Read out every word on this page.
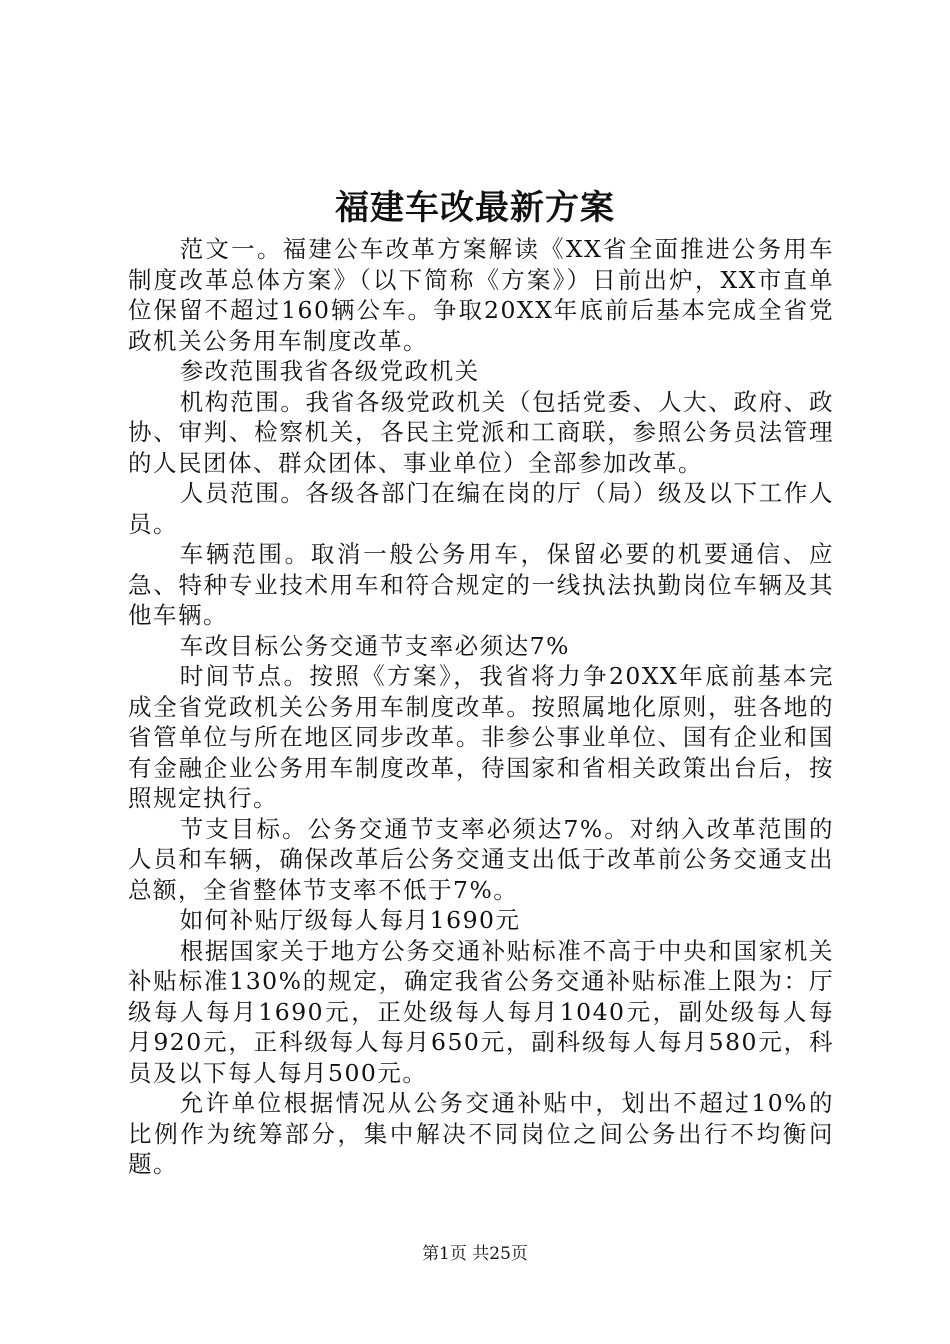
福建车改最新方案

范文一。福建公车改革方案解读《XX省全面推进公务用车制度改革总体方案》（以下简称《方案》）日前出炉，XX市直单位保留不超过160辆公车。争取20XX年底前后基本完成全省党政机关公务用车制度改革。

参改范围我省各级党政机关

机构范围。我省各级党政机关（包括党委、人大、政府、政协、审判、检察机关，各民主党派和工商联，参照公务员法管理的人民团体、群众团体、事业单位）全部参加改革。

人员范围。各级各部门在编在岗的厅（局）级及以下工作人员。

车辆范围。取消一般公务用车，保留必要的机要通信、应急、特种专业技术用车和符合规定的一线执法执勤岗位车辆及其他车辆。

车改目标公务交通节支率必须达7%

时间节点。按照《方案》，我省将力争20XX年底前基本完成全省党政机关公务用车制度改革。按照属地化原则，驻各地的省管单位与所在地区同步改革。非参公事业单位、国有企业和国有金融企业公务用车制度改革，待国家和省相关政策出台后，按照规定执行。

节支目标。公务交通节支率必须达7%。对纳入改革范围的人员和车辆，确保改革后公务交通支出低于改革前公务交通支出总额，全省整体节支率不低于7%。

如何补贴厅级每人每月1690元

根据国家关于地方公务交通补贴标准不高于中央和国家机关补贴标准130%的规定，确定我省公务交通补贴标准上限为：厅级每人每月1690元，正处级每人每月1040元，副处级每人每月920元，正科级每人每月650元，副科级每人每月580元，科员及以下每人每月500元。

允许单位根据情况从公务交通补贴中，划出不超过10%的比例作为统筹部分，集中解决不同岗位之间公务出行不均衡问题。

第1页 共25页
